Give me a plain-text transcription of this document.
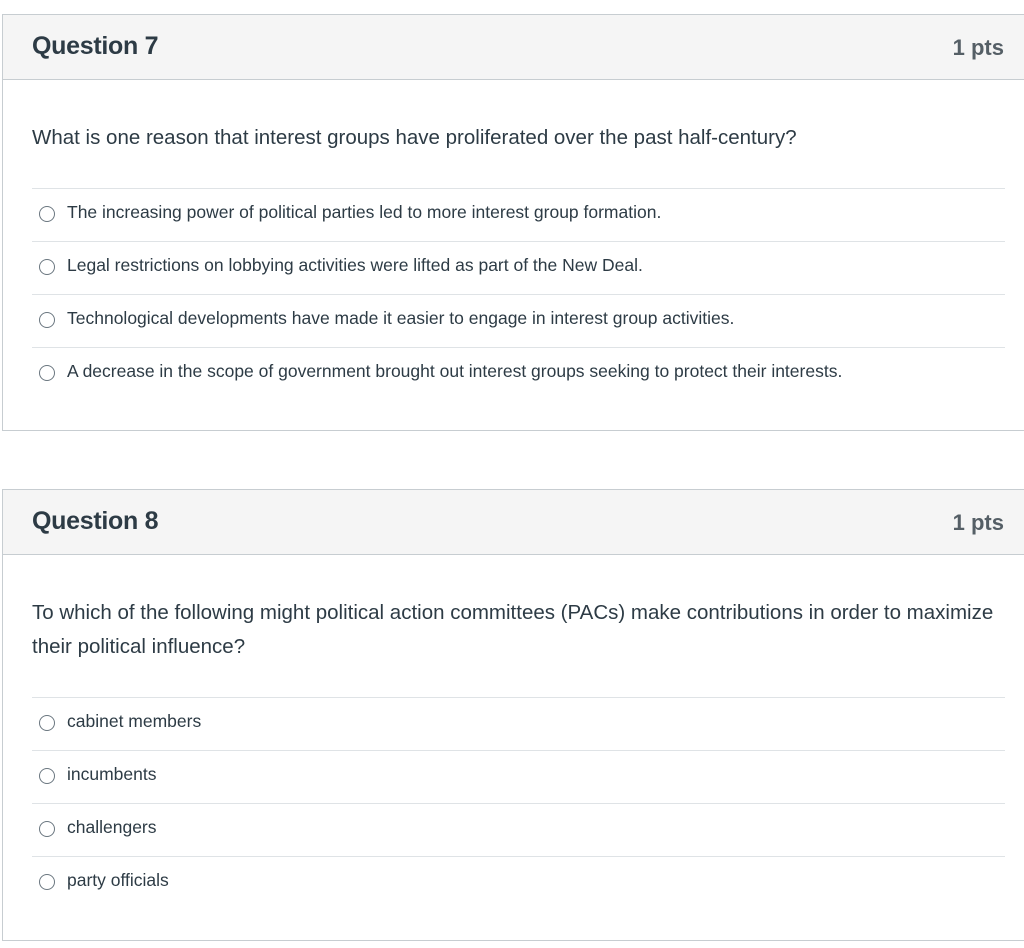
Question 7	1 pts
What is one reason that interest groups have proliferated over the past half-century?
The increasing power of political parties led to more interest group formation.
Legal restrictions on lobbying activities were lifted as part of the New Deal.
Technological developments have made it easier to engage in interest group activities.
A decrease in the scope of government brought out interest groups seeking to protect their interests.
Question 8	1 pts
To which of the following might political action committees (PACs) make contributions in order to maximize their political influence?
cabinet members
incumbents
challengers
party officials
